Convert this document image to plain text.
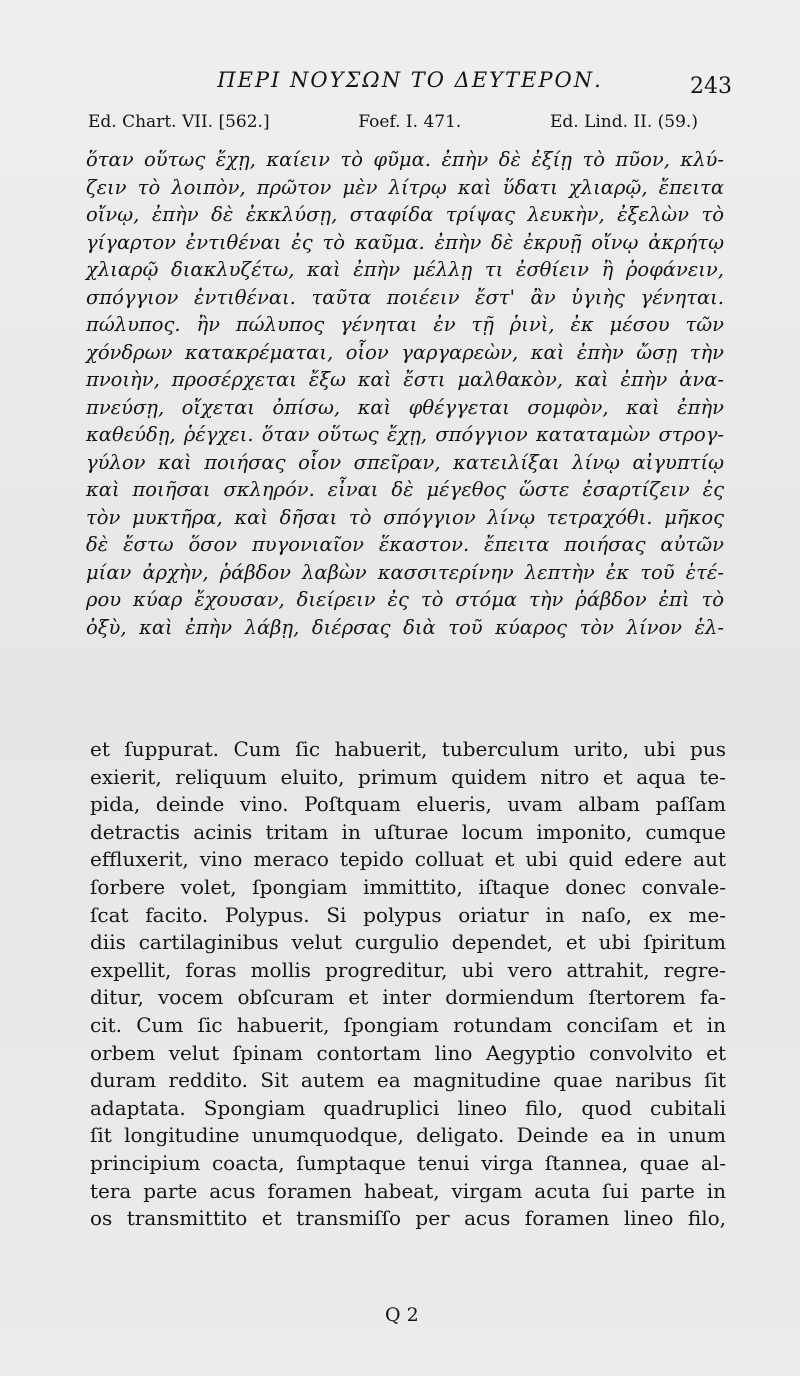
ΠΕΡΙ ΝΟΥΣΩΝ ΤΟ ΔΕΥΤΕΡΟΝ.	243
Ed. Chart. VII. [562.]	Foef. I. 471.	Ed. Lind. II. (59.)
ὅταν οὕτως ἔχῃ, καίειν τὸ φῦμα. ἐπὴν δὲ ἐξίῃ τὸ πῦον, κλύ-
ζειν τὸ λοιπὸν, πρῶτον μὲν λίτρῳ καὶ ὕδατι χλιαρῷ, ἔπειτα
οἴνῳ, ἐπὴν δὲ ἐκκλύσῃ, σταφίδα τρίψας λευκὴν, ἐξελὼν τὸ
γίγαρτον ἐντιθέναι ἐς τὸ καῦμα. ἐπὴν δὲ ἐκρυῇ οἴνῳ ἀκρήτῳ
χλιαρῷ διακλυζέτω, καὶ ἐπὴν μέλλῃ τι ἐσθίειν ἢ ῥοφάνειν,
σπόγγιον ἐντιθέναι. ταῦτα ποιέειν ἔστ' ἂν ὑγιὴς γένηται.
πώλυπος. ἢν πώλυπος γένηται ἐν τῇ ῥινὶ, ἐκ μέσου τῶν
χόνδρων κατακρέμαται, οἷον γαργαρεὼν, καὶ ἐπὴν ὤσῃ τὴν
πνοιὴν, προσέρχεται ἔξω καὶ ἔστι μαλθακὸν, καὶ ἐπὴν ἀνα-
πνεύσῃ, οἴχεται ὀπίσω, καὶ φθέγγεται σομφὸν, καὶ ἐπὴν
καθεύδῃ, ῥέγχει. ὅταν οὕτως ἔχῃ, σπόγγιον καταταμὼν στρογ-
γύλον καὶ ποιήσας οἷον σπεῖραν, κατειλίξαι λίνῳ αἰγυπτίῳ
καὶ ποιῆσαι σκληρόν. εἶναι δὲ μέγεθος ὥστε ἐσαρτίζειν ἐς
τὸν μυκτῆρα, καὶ δῆσαι τὸ σπόγγιον λίνῳ τετραχόθι. μῆκος
δὲ ἔστω ὅσον πυγονιαῖον ἕκαστον. ἔπειτα ποιήσας αὐτῶν
μίαν ἀρχὴν, ῥάβδον λαβὼν κασσιτερίνην λεπτὴν ἐκ τοῦ ἑτέ-
ρου κύαρ ἔχουσαν, διείρειν ἐς τὸ στόμα τὴν ῥάβδον ἐπὶ τὸ
ὀξὺ, καὶ ἐπὴν λάβῃ, διέρσας διὰ τοῦ κύαρος τὸν λίνον ἑλ-
et ſuppurat. Cum ſic habuerit, tuberculum urito, ubi pus
exierit, reliquum eluito, primum quidem nitro et aqua te-
pida, deinde vino. Poſtquam elueris, uvam albam paſſam
detractis acinis tritam in uſturae locum imponito, cumque
effluxerit, vino meraco tepido colluat et ubi quid edere aut
ſorbere volet, ſpongiam immittito, iſtaque donec convale-
ſcat facito. Polypus. Si polypus oriatur in naſo, ex me-
diis cartilaginibus velut curgulio dependet, et ubi ſpiritum
expellit, foras mollis progreditur, ubi vero attrahit, regre-
ditur, vocem obſcuram et inter dormiendum ſtertorem fa-
cit. Cum ſic habuerit, ſpongiam rotundam conciſam et in
orbem velut ſpinam contortam lino Aegyptio convolvito et
duram reddito. Sit autem ea magnitudine quae naribus ſit
adaptata. Spongiam quadruplici lineo filo, quod cubitali
ſit longitudine unumquodque, deligato. Deinde ea in unum
principium coacta, ſumptaque tenui virga ſtannea, quae al-
tera parte acus foramen habeat, virgam acuta ſui parte in
os transmittito et transmiſſo per acus foramen lineo filo,
Q 2
